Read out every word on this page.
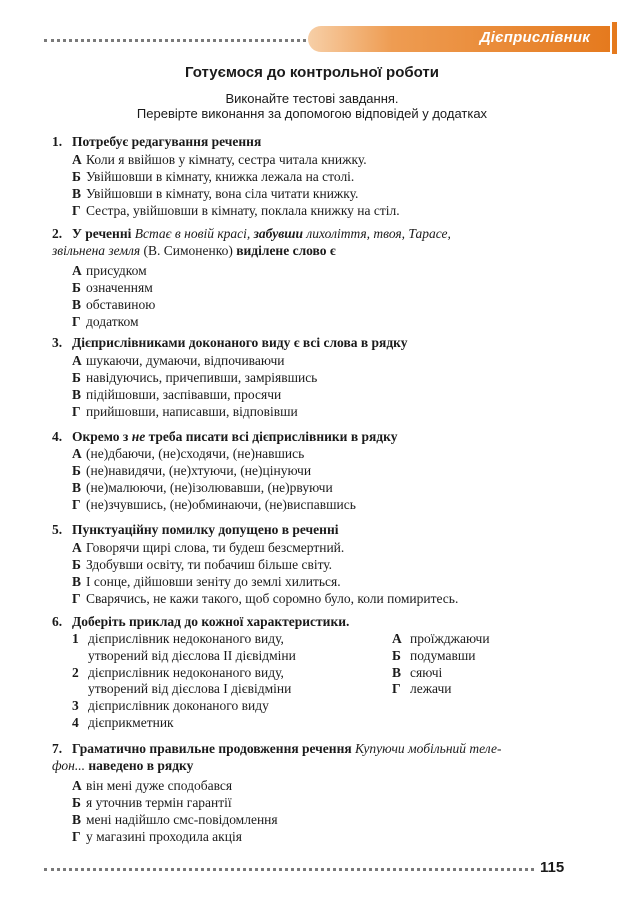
Дієприслівник
Готуємося до контрольної роботи
Виконайте тестові завдання.
Перевірте виконання за допомогою відповідей у додатках
1. Потребує редагування речення
А Коли я ввійшов у кімнату, сестра читала книжку.
Б Увійшовши в кімнату, книжка лежала на столі.
В Увійшовши в кімнату, вона сіла читати книжку.
Г Сестра, увійшовши в кімнату, поклала книжку на стіл.
2. У реченні Встає в новій красі, забувши лихоліття, твоя, Тарасе,
звільнена земля (В. Симоненко) виділене слово є
А присудком
Б означенням
В обставиною
Г додатком
3. Дієприслівниками доконаного виду є всі слова в рядку
А шукаючи, думаючи, відпочиваючи
Б навідуючись, причепивши, замріявшись
В підійшовши, заспівавши, просячи
Г прийшовши, написавши, відповівши
4. Окремо з не треба писати всі дієприслівники в рядку
А (не)дбаючи, (не)сходячи, (не)навшись
Б (не)навидячи, (не)хтуючи, (не)цінуючи
В (не)малюючи, (не)ізолювавши, (не)рвуючи
Г (не)зчувшись, (не)обминаючи, (не)виспавшись
5. Пунктуаційну помилку допущено в реченні
А Говорячи щирі слова, ти будеш безсмертний.
Б Здобувши освіту, ти побачиш більше світу.
В І сонце, дійшовши зеніту до землі хилиться.
Г Сварячись, не кажи такого, щоб соромно було, коли помиритесь.
6. Доберіть приклад до кожної характеристики.
1 дієприслівник недоконаного виду,	А проїжджаючи
утворений від дієслова ІІ дієвідміни	Б подумавши
2 дієприслівник недоконаного виду,	В сяючі
утворений від дієслова І дієвідміни	Г лежачи
3 дієприслівник доконаного виду
4 дієприкметник
7. Граматично правильне продовження речення Купуючи мобільний теле-
фон... наведено в рядку
А він мені дуже сподобався
Б я уточнив термін гарантії
В мені надійшло смс-повідомлення
Г у магазині проходила акція
115
